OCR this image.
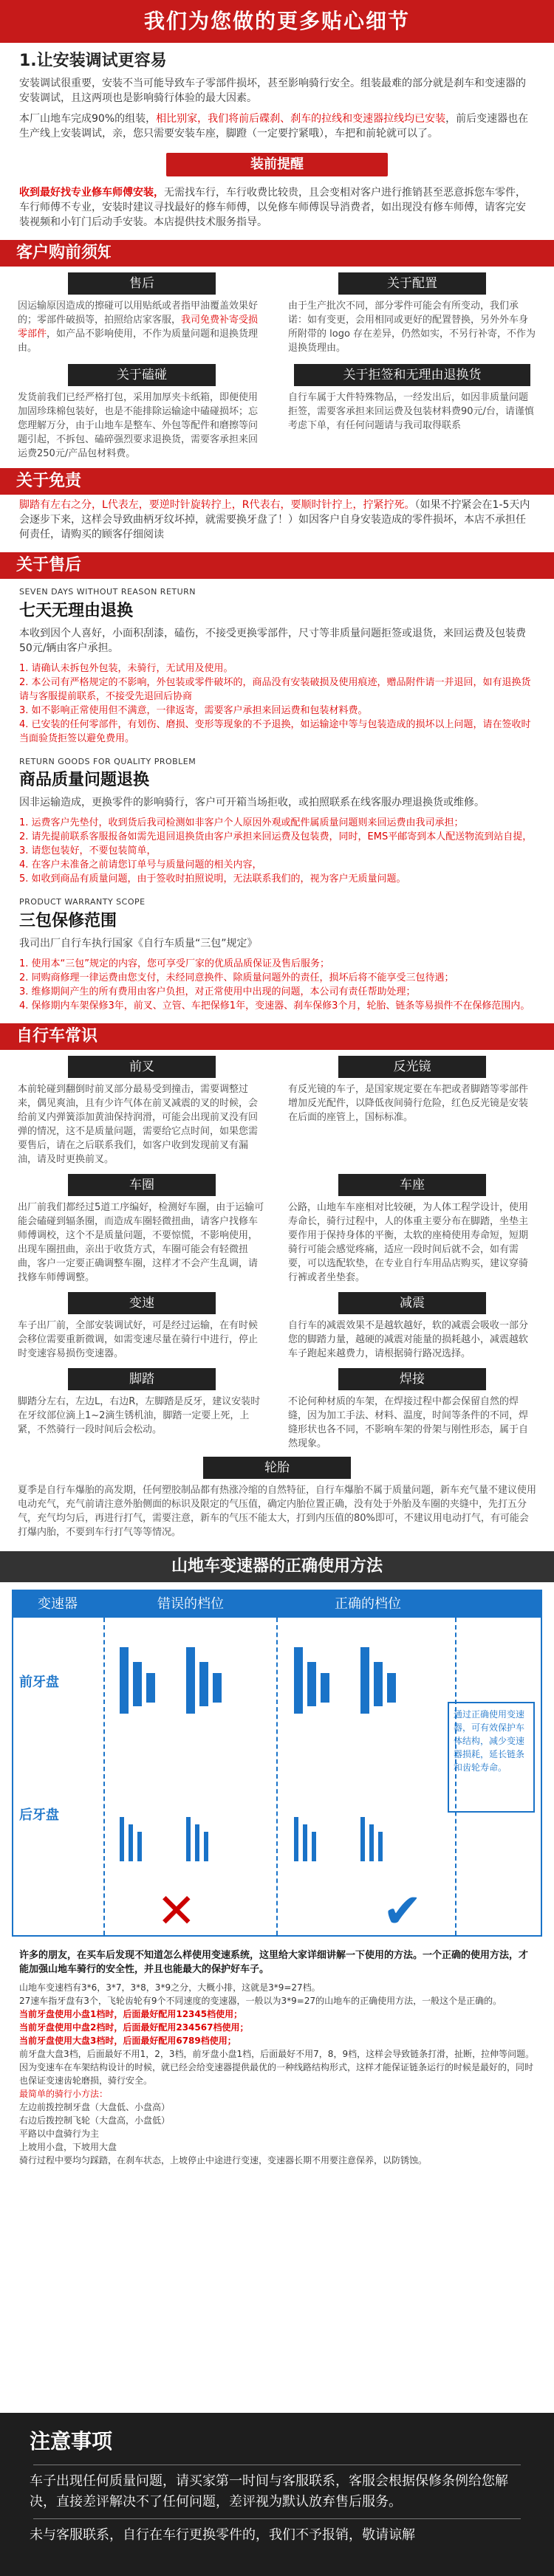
我们为您做的更多贴心细节
1.让安装调试更容易
安装调试很重要，安装不当可能导致车子零部件损坏，甚至影响骑行安全。组装最难的部分就是刹车和变速器的安装调试，且这两项也是影响骑行体验的最大因素。
本厂山地车完成90%的组装，相比别家，我们将前后碟刹、刹车的拉线和变速器拉线均已安装，前后变速器也在生产线上安装调试，亲，您只需要安装车座，脚蹬（一定要拧紧哦），车把和前轮就可以了。
装前提醒
收到最好找专业修车师傅安装，无需找车行，车行收费比较贵，且会变相对客户进行推销甚至恶意拆您车零件，车行师傅不专业，安装时建议寻找最好的修车师傅，以免修车师傅误导消费者，如出现没有修车师傅，请客完安装视频和小钉门后动手安装。本店提供技术服务指导。
客户购前须知
售后
因运输原因造成的擦碰可以用贴纸或者指甲油覆盖效果好的；零部件破损等，拍照给店家客服，我司免费补寄受损零部件，如产品不影响使用，不作为质量问题和退换货理由。
关于配置
由于生产批次不同，部分零件可能会有所变动，我们承诺：如有变更，会用相同或更好的配置替换，另外外车身所附带的 logo 存在差异，仍然如实，不另行补寄，不作为退换货理由。
关于磕碰
发货前我们已经严格打包，采用加厚夹卡纸箱，即便使用加固珍珠棉包装好，也是不能排除运输途中磕碰损坏；忘您理解万分，由于山地车是整车、外包等配件和磨擦等问题引起，不拆包、磕碎强烈要求退换货，需要客承担来回运费250元/产品包材料费。
关于拒签和无理由退换货
自行车属于大件特殊物品，一经发出后，如因非质量问题拒签，需要客承担来回运费及包装材料费90元/台，请谨慎考虑下单，有任何问题请与我司取得联系
关于免责
脚踏有左右之分，L代表左，要逆时针旋转拧上，R代表右，要顺时针拧上，拧紧拧死。（如果不拧紧会在1-5天内会逐步下来，这样会导致曲柄牙纹坏掉，就需要换牙盘了！）如因客户自身安装造成的零件损坏，本店不承担任何责任，请购买的顾客仔细阅读
关于售后
SEVEN DAYS WITHOUT REASON RETURN
七天无理由退换
本收到因个人喜好，小面积刮漆，磕伤，不接受更换零部件，尺寸等非质量问题拒签或退货，来回运费及包装费50元/辆由客户承担。
1. 请确认未拆包外包装，未骑行，无试用及使用。
2. 本公司有严格规定的不影响，外包装或零件破坏的，商品没有安装破损及使用痕迹，赠品附件请一并退回，如有退换货请与客服提前联系，不接受先退回后协商
3. 如不影响正常使用但不满意，一律返寄，需要客户承担来回运费和包装材料费。
4. 已安装的任何零部件，有划伤、磨损、变形等现象的不予退换，如运输途中等与包装造成的损坏以上问题，请在签收时当面验货拒签以避免费用。
RETURN GOODS FOR QUALITY PROBLEM
商品质量问题退换
因非运输造成，更换零件的影响骑行，客户可开箱当场拒收，或拍照联系在线客服办理退换货或维修。
1. 运费客户先垫付，收到货后我司检测如非客户个人原因外观或配件属质量问题则来回运费由我司承担；
2. 请先提前联系客服报备如需先退回退换货由客户承担来回运费及包装费，同时，EMS平邮寄到本人配送物流到站自提，
3. 请您包装好，不要包装简单，
4. 在客户未准备之前请您订单号与质量问题的相关内容，
5. 如收到商品有质量问题，由于签收时拍照说明，无法联系我们的，视为客户无质量问题。
PRODUCT WARRANTY SCOPE
三包保修范围
我司出厂自行车执行国家《自行车质量“三包”规定》
1. 使用本“三包”规定的内容，您可享受厂家的优质品质保证及售后服务；
2. 同购商修理一律运费由您支付，未经同意换件、除质量问题外的责任，损坏后将不能享受三包待遇；
3. 维修期间产生的所有费用由客户负担，对正常使用中出现的问题，本公司有责任帮助处理；
4. 保修期内车架保修3年，前叉、立管、车把保修1年，变速器、刹车保修3个月，轮胎、链条等易损件不在保修范围内。
自行车常识
前叉
本前轮碰到翻倒时前叉部分最易受到撞击，需要调整过来，偶见爽油，且有少许气体在前叉减震的叉的时候，会给前叉内弹簧添加黄油保持润滑，可能会出现前叉没有回弹的情况，这不是质量问题，需要给它点时间，如果您需要售后，请在之后联系我们，如客户收到发现前叉有漏油，请及时更换前叉。
反光镜
有反光镜的车子，是国家规定要在车把或者脚踏等零部件增加反光配件，以降低夜间骑行危险，红色反光镜是安装在后面的座管上，国标标准。
车圈
出厂前我们都经过5道工序编好，检测好车圈，由于运输可能会磕碰到辐条圈，而造成车圈轻微扭曲，请客户找修车师傅调校，这个不是质量问题，不要惊慌，不影响使用，出现车圈扭曲，亲出于收货方式，车圈可能会有轻微扭曲，客户一定要正确调整车圈，这样才不会产生乱调，请找修车师傅调整。
车座
公路，山地车车座相对比较硬，为人体工程学设计，使用寿命长，骑行过程中，人的体重主要分布在脚踏，坐垫主要作用于保持身体的平衡，太软的座椅使用寿命短，短期骑行可能会感觉疼痛，适应一段时间后就不会，如有需要，可以选配软垫，在专业自行车用品店购买，建议穿骑行裤或者坐垫套。
变速
车子出厂前，全部安装调试好，可是经过运输，在有时候会移位需要重新微调，如需变速尽量在骑行中进行，停止时变速容易损伤变速器。
减震
自行车的减震效果不是越软越好，软的减震会吸收一部分您的脚踏力量，越硬的减震对能量的损耗越小，减震越软车子跑起来越费力，请根据骑行路况选择。
脚踏
脚踏分左右，左边L，右边R，左脚踏是反牙，建议安装时在牙纹部位滴上1~2滴生锈机油，脚踏一定要上死，上紧，不然骑行一段时间后会松动。
焊接
不论何种材质的车架，在焊接过程中都会保留自然的焊缝，因为加工手法、材料、温度，时间等条件的不同，焊缝形状也各不同，不影响车架的骨架与刚性形态，属于自然现象。
轮胎
夏季是自行车爆胎的高发期，任何塑胶制品都有热涨冷缩的自然特征，自行车爆胎不属于质量问题，新车充气量不建议使用电动充气，充气前请注意外胎侧面的标识及限定的气压值，确定内胎位置正确，没有处于外胎及车圈的夹缝中，先打五分气，充气均匀后，再进行打气，需要注意，新车的气压不能太大，打到内压值的80%即可，不建议用电动打气，有可能会打爆内胎，不要到车行打气等等情况。
山地车变速器的正确使用方法
变速器	错误的档位	正确的档位
前牙盘
后牙盘
✕	✔
通过正确使用变速器，可有效保护车体结构，减少变速器损耗，延长链条和齿轮寿命。
许多的朋友，在买车后发现不知道怎么样使用变速系统，这里给大家详细讲解一下使用的方法。一个正确的使用方法，才能加强山地车骑行的安全性，并且也能最大的保护好车子。
山地车变速档有3*6，3*7，3*8，3*9之分，大概小排，这就是3*9=27档。
27速车指牙盘有3个，飞轮齿轮有9个不同速度的变速器，一般以为3*9=27的山地车的正确使用方法，一般这个是正确的。
当前牙盘使用小盘1档时，后面最好配用12345档使用；
当前牙盘使用中盘2档时，后面最好配用234567档使用；
当前牙盘使用大盘3档时，后面最好配用6789档使用；
前牙盘大盘3档，后面最好不用1，2，3档，前牙盘小盘1档，后面最好不用7，8，9档，这样会导致链条打滑，扯断，拉伸等问题。
因为变速车在车架结构设计的时候，就已经会给变速器提供最优的一种线路结构形式，这样才能保证链条运行的时候是最好的，同时也保证变速齿轮磨损，骑行安全。
最简单的骑行小方法：
左边前拨控制牙盘（大盘低、小盘高）
右边后拨控制飞轮（大盘高，小盘低）
平路以中盘骑行为主
上坡用小盘，下坡用大盘
骑行过程中要均匀踩踏，在刹车状态，上坡停止中途进行变速，变速器长期不用要注意保养，以防锈蚀。
注意事项

车子出现任何质量问题，请买家第一时间与客服联系，客服会根据保修条例给您解决，直接差评解决不了任何问题，差评视为默认放弃售后服务。

未与客服联系，自行在车行更换零件的，我们不予报销，敬请谅解
